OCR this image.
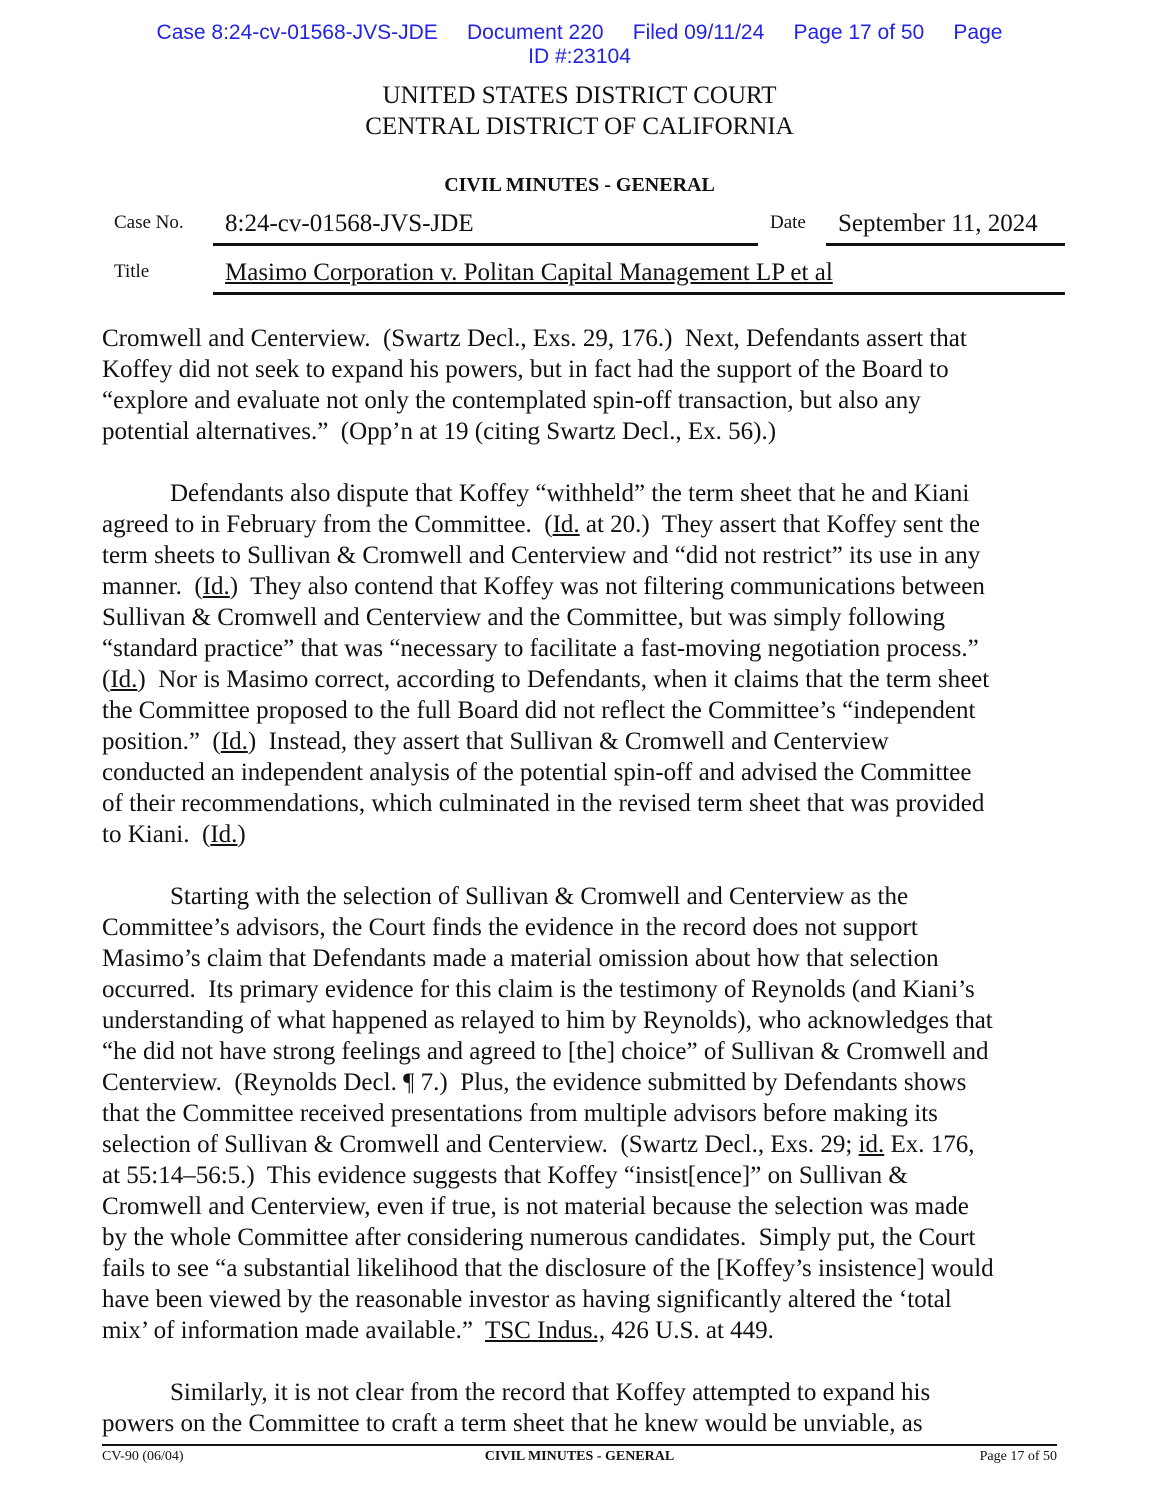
Case 8:24-cv-01568-JVS-JDE     Document 220     Filed 09/11/24     Page 17 of 50     Page
ID #:23104
UNITED STATES DISTRICT COURT
CENTRAL DISTRICT OF CALIFORNIA
CIVIL MINUTES - GENERAL
Case No. 8:24-cv-01568-JVS-JDE	Date September 11, 2024
Title	Masimo Corporation v. Politan Capital Management LP et al
Cromwell and Centerview.  (Swartz Decl., Exs. 29, 176.)  Next, Defendants assert that
Koffey did not seek to expand his powers, but in fact had the support of the Board to
“explore and evaluate not only the contemplated spin-off transaction, but also any
potential alternatives.”  (Opp’n at 19 (citing Swartz Decl., Ex. 56).)
Defendants also dispute that Koffey “withheld” the term sheet that he and Kiani
agreed to in February from the Committee.  (Id. at 20.)  They assert that Koffey sent the
term sheets to Sullivan & Cromwell and Centerview and “did not restrict” its use in any
manner.  (Id.)  They also contend that Koffey was not filtering communications between
Sullivan & Cromwell and Centerview and the Committee, but was simply following
“standard practice” that was “necessary to facilitate a fast-moving negotiation process.”
(Id.)  Nor is Masimo correct, according to Defendants, when it claims that the term sheet
the Committee proposed to the full Board did not reflect the Committee’s “independent
position.”  (Id.)  Instead, they assert that Sullivan & Cromwell and Centerview
conducted an independent analysis of the potential spin-off and advised the Committee
of their recommendations, which culminated in the revised term sheet that was provided
to Kiani.  (Id.)
Starting with the selection of Sullivan & Cromwell and Centerview as the
Committee’s advisors, the Court finds the evidence in the record does not support
Masimo’s claim that Defendants made a material omission about how that selection
occurred.  Its primary evidence for this claim is the testimony of Reynolds (and Kiani’s
understanding of what happened as relayed to him by Reynolds), who acknowledges that
“he did not have strong feelings and agreed to [the] choice” of Sullivan & Cromwell and
Centerview.  (Reynolds Decl. ¶ 7.)  Plus, the evidence submitted by Defendants shows
that the Committee received presentations from multiple advisors before making its
selection of Sullivan & Cromwell and Centerview.  (Swartz Decl., Exs. 29; id. Ex. 176,
at 55:14–56:5.)  This evidence suggests that Koffey “insist[ence]” on Sullivan &
Cromwell and Centerview, even if true, is not material because the selection was made
by the whole Committee after considering numerous candidates.  Simply put, the Court
fails to see “a substantial likelihood that the disclosure of the [Koffey’s insistence] would
have been viewed by the reasonable investor as having significantly altered the ‘total
mix’ of information made available.”  TSC Indus., 426 U.S. at 449.
Similarly, it is not clear from the record that Koffey attempted to expand his
powers on the Committee to craft a term sheet that he knew would be unviable, as
CV-90 (06/04)	CIVIL MINUTES - GENERAL	Page 17 of 50
